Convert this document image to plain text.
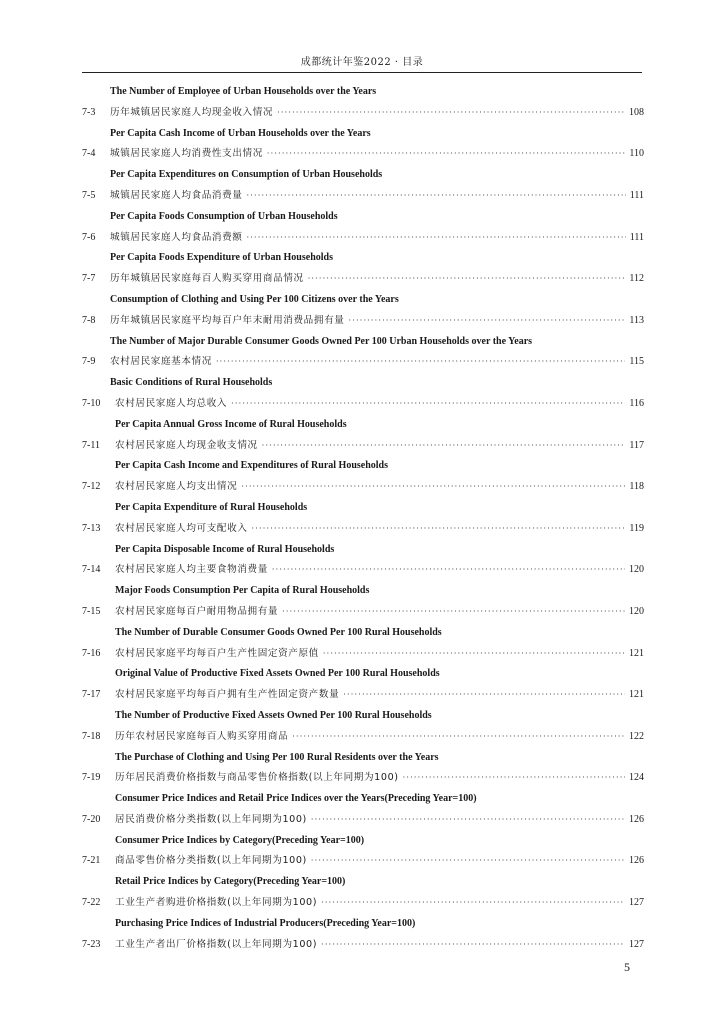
成都统计年鉴2022 · 目录
The Number of Employee of Urban Households over the Years
7-3	历年城镇居民家庭人均现金收入情况 ·····	108
Per Capita Cash Income of Urban Households over the Years
7-4	城镇居民家庭人均消费性支出情况 ·····	110
Per Capita Expenditures on Consumption of Urban Households
7-5	城镇居民家庭人均食品消费量 ·····	111
Per Capita Foods Consumption of Urban Households
7-6	城镇居民家庭人均食品消费额 ·····	111
Per Capita Foods Expenditure of Urban Households
7-7	历年城镇居民家庭每百人购买穿用商品情况 ·····	112
Consumption of Clothing and Using Per 100 Citizens over the Years
7-8	历年城镇居民家庭平均每百户年末耐用消费品拥有量 ·····	113
The Number of Major Durable Consumer Goods Owned Per 100 Urban Households over the Years
7-9	农村居民家庭基本情况 ·····	115
Basic Conditions of Rural Households
7-10	农村居民家庭人均总收入 ·····	116
Per Capita Annual Gross Income of Rural Households
7-11	农村居民家庭人均现金收支情况 ·····	117
Per Capita Cash Income and Expenditures of Rural Households
7-12	农村居民家庭人均支出情况 ·····	118
Per Capita Expenditure of Rural Households
7-13	农村居民家庭人均可支配收入 ·····	119
Per Capita Disposable Income of Rural Households
7-14	农村居民家庭人均主要食物消费量 ·····	120
Major Foods Consumption Per Capita of Rural Households
7-15	农村居民家庭每百户耐用物品拥有量 ·····	120
The Number of Durable Consumer Goods Owned Per 100 Rural Households
7-16	农村居民家庭平均每百户生产性固定资产原值 ·····	121
Original Value of Productive Fixed Assets Owned Per 100 Rural Households
7-17	农村居民家庭平均每百户拥有生产性固定资产数量 ·····	121
The Number of Productive Fixed Assets Owned Per 100 Rural Households
7-18	历年农村居民家庭每百人购买穿用商品 ·····	122
The Purchase of Clothing and Using Per 100 Rural Residents over the Years
7-19	历年居民消费价格指数与商品零售价格指数(以上年同期为100) ·····	124
Consumer Price Indices and Retail Price Indices over the Years(Preceding Year=100)
7-20	居民消费价格分类指数(以上年同期为100) ·····	126
Consumer Price Indices by Category(Preceding Year=100)
7-21	商品零售价格分类指数(以上年同期为100) ·····	126
Retail Price Indices by Category(Preceding Year=100)
7-22	工业生产者购进价格指数(以上年同期为100) ·····	127
Purchasing Price Indices of Industrial Producers(Preceding Year=100)
7-23	工业生产者出厂价格指数(以上年同期为100) ·····	127
5
